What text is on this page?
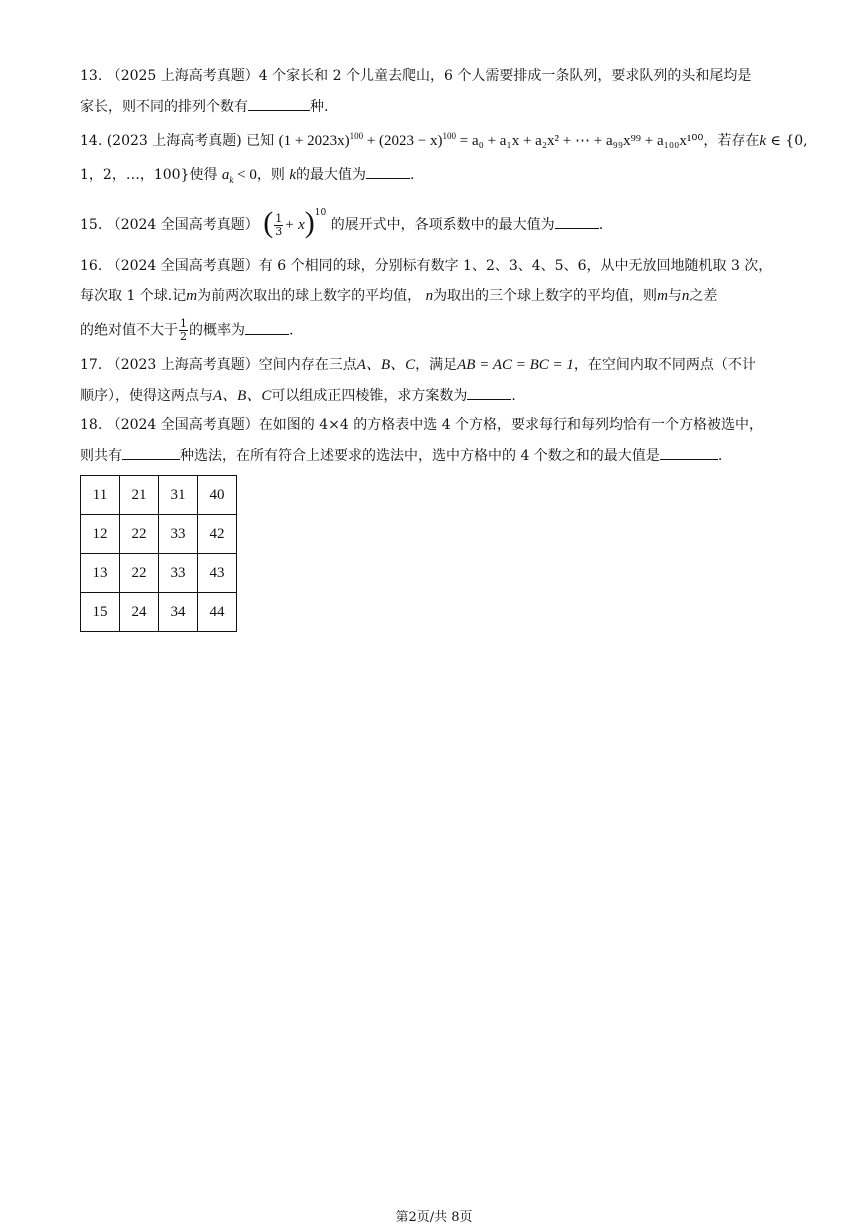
13. （2025 上海高考真题）4 个家长和 2 个儿童去爬山，6 个人需要排成一条队列，要求队列的头和尾均是
家长，则不同的排列个数有	种.
14. (2023 上海高考真题) 已知 $(1 + 2023x)^{100} + (2023 - x)^{100} = a_0 + a_1x + a_2x^2$ + ⋯ + a₉₉x⁹⁹ + a₁₀₀x¹⁰⁰，若存在k ∈ {0,
1，2，…，100}使得 $a_k < 0$，则 k的最大值为	.
15. （2024 全国高考真题） ( $\frac{1}{3} + x)^{10}$ 的展开式中，各项系数中的最大值为	.
16. （2024 全国高考真题）有 6 个相同的球，分别标有数字 1、2、3、4、5、6，从中无放回地随机取 3 次，
每次取 1 个球.记m为前两次取出的球上数字的平均值， n为取出的三个球上数字的平均值，则m与n之差
的绝对值不大于 $\frac{1}{2}$ 的概率为	.
17. （2023 上海高考真题）空间内存在三点A、B、C，满足AB = AC = BC = 1，在空间内取不同两点（不计
顺序），使得这两点与A、B、C可以组成正四棱锥，求方案数为	.
18. （2024 全国高考真题）在如图的 4×4 的方格表中选 4 个方格，要求每行和每列均恰有一个方格被选中，
则共有	种选法，在所有符合上述要求的选法中，选中方格中的 4 个数之和的最大值是	.
11	21	31	40
12	22	33	42
13	22	33	43
15	24	34	44
第2页/共 8页
